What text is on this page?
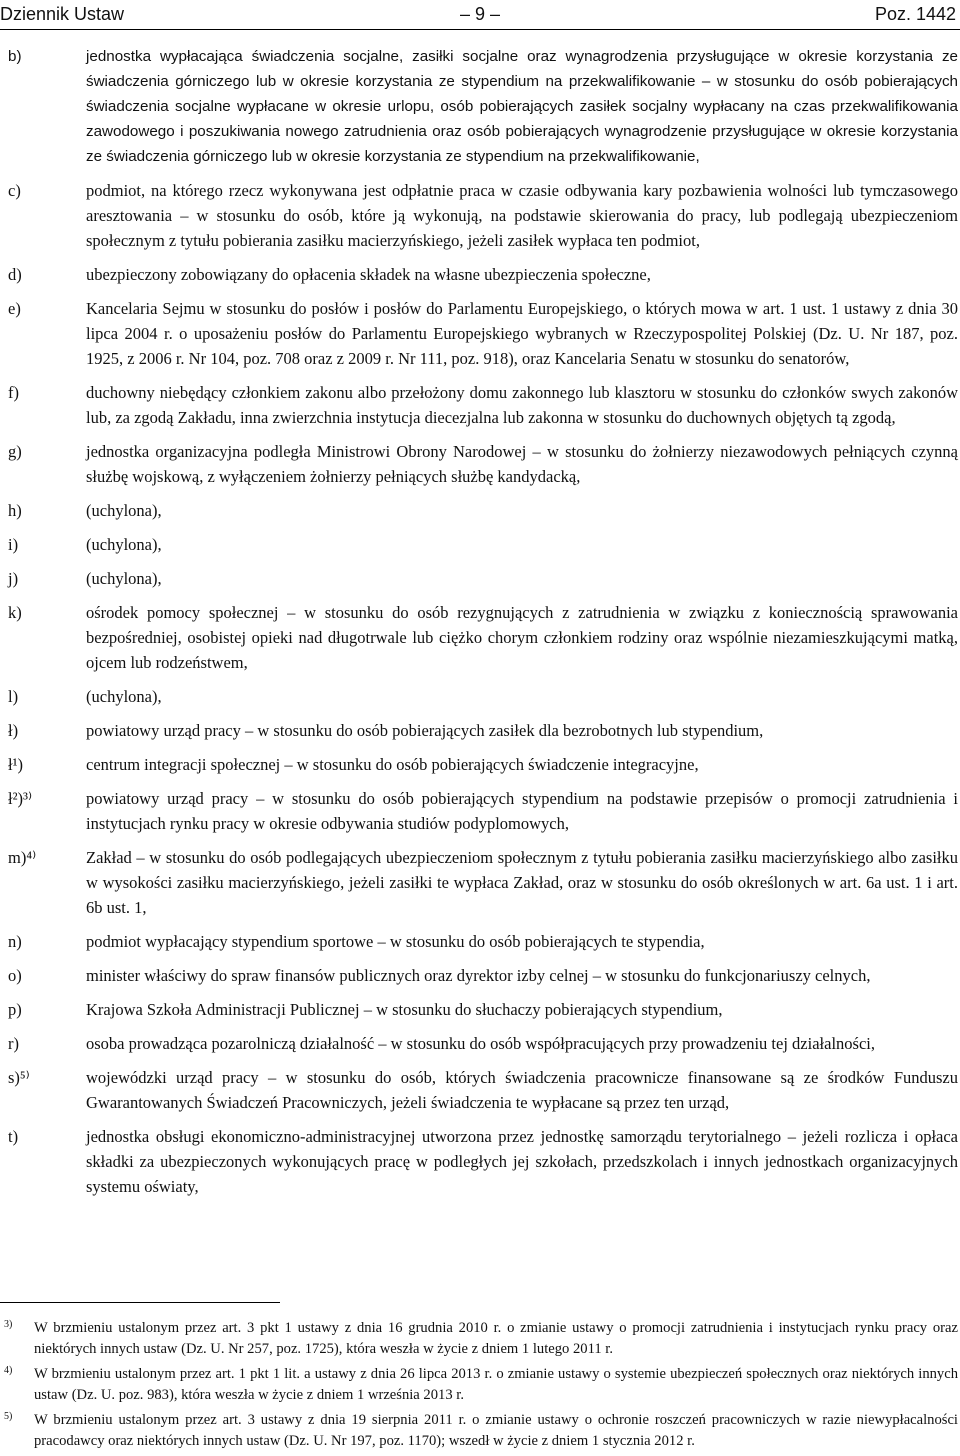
Dziennik Ustaw	– 9 –	Poz. 1442
b)	jednostka wypłacająca świadczenia socjalne, zasiłki socjalne oraz wynagrodzenia przysługujące w okresie korzystania ze świadczenia górniczego lub w okresie korzystania ze stypendium na przekwalifikowanie – w stosunku do osób pobierających świadczenia socjalne wypłacane w okresie urlopu, osób pobierających zasiłek socjalny wypłacany na czas przekwalifikowania zawodowego i poszukiwania nowego zatrudnienia oraz osób pobierających wynagrodzenie przysługujące w okresie korzystania ze świadczenia górniczego lub w okresie korzystania ze stypendium na przekwalifikowanie,
c)	podmiot, na którego rzecz wykonywana jest odpłatnie praca w czasie odbywania kary pozbawienia wolności lub tymczasowego aresztowania – w stosunku do osób, które ją wykonują, na podstawie skierowania do pracy, lub podlegają ubezpieczeniom społecznym z tytułu pobierania zasiłku macierzyńskiego, jeżeli zasiłek wypłaca ten podmiot,
d)	ubezpieczony zobowiązany do opłacenia składek na własne ubezpieczenia społeczne,
e)	Kancelaria Sejmu w stosunku do posłów i posłów do Parlamentu Europejskiego, o których mowa w art. 1 ust. 1 ustawy z dnia 30 lipca 2004 r. o uposażeniu posłów do Parlamentu Europejskiego wybranych w Rzeczypospolitej Polskiej (Dz. U. Nr 187, poz. 1925, z 2006 r. Nr 104, poz. 708 oraz z 2009 r. Nr 111, poz. 918), oraz Kancelaria Senatu w stosunku do senatorów,
f)	duchowny niebędący członkiem zakonu albo przełożony domu zakonnego lub klasztoru w stosunku do członków swych zakonów lub, za zgodą Zakładu, inna zwierzchnia instytucja diecezjalna lub zakonna w stosunku do duchownych objętych tą zgodą,
g)	jednostka organizacyjna podległa Ministrowi Obrony Narodowej – w stosunku do żołnierzy niezawodowych pełniących czynną służbę wojskową, z wyłączeniem żołnierzy pełniących służbę kandydacką,
h)	(uchylona),
i)	(uchylona),
j)	(uchylona),
k)	ośrodek pomocy społecznej – w stosunku do osób rezygnujących z zatrudnienia w związku z koniecznością sprawowania bezpośredniej, osobistej opieki nad długotrwale lub ciężko chorym członkiem rodziny oraz wspólnie niezamieszkującymi matką, ojcem lub rodzeństwem,
l)	(uchylona),
ł)	powiatowy urząd pracy – w stosunku do osób pobierających zasiłek dla bezrobotnych lub stypendium,
ł¹)	centrum integracji społecznej – w stosunku do osób pobierających świadczenie integracyjne,
ł²)³⁾	powiatowy urząd pracy – w stosunku do osób pobierających stypendium na podstawie przepisów o promocji zatrudnienia i instytucjach rynku pracy w okresie odbywania studiów podyplomowych,
m)⁴⁾	Zakład – w stosunku do osób podlegających ubezpieczeniom społecznym z tytułu pobierania zasiłku macierzyńskiego albo zasiłku w wysokości zasiłku macierzyńskiego, jeżeli zasiłki te wypłaca Zakład, oraz w stosunku do osób określonych w art. 6a ust. 1 i art. 6b ust. 1,
n)	podmiot wypłacający stypendium sportowe – w stosunku do osób pobierających te stypendia,
o)	minister właściwy do spraw finansów publicznych oraz dyrektor izby celnej – w stosunku do funkcjonariuszy celnych,
p)	Krajowa Szkoła Administracji Publicznej – w stosunku do słuchaczy pobierających stypendium,
r)	osoba prowadząca pozarolniczą działalność – w stosunku do osób współpracujących przy prowadzeniu tej działalności,
s)⁵⁾	wojewódzki urząd pracy – w stosunku do osób, których świadczenia pracownicze finansowane są ze środków Funduszu Gwarantowanych Świadczeń Pracowniczych, jeżeli świadczenia te wypłacane są przez ten urząd,
t)	jednostka obsługi ekonomiczno-administracyjnej utworzona przez jednostkę samorządu terytorialnego – jeżeli rozlicza i opłaca składki za ubezpieczonych wykonujących pracę w podległych jej szkołach, przedszkolach i innych jednostkach organizacyjnych systemu oświaty,
3) W brzmieniu ustalonym przez art. 3 pkt 1 ustawy z dnia 16 grudnia 2010 r. o zmianie ustawy o promocji zatrudnienia i instytucjach rynku pracy oraz niektórych innych ustaw (Dz. U. Nr 257, poz. 1725), która weszła w życie z dniem 1 lutego 2011 r.
4) W brzmieniu ustalonym przez art. 1 pkt 1 lit. a ustawy z dnia 26 lipca 2013 r. o zmianie ustawy o systemie ubezpieczeń społecznych oraz niektórych innych ustaw (Dz. U. poz. 983), która weszła w życie z dniem 1 września 2013 r.
5) W brzmieniu ustalonym przez art. 3 ustawy z dnia 19 sierpnia 2011 r. o zmianie ustawy o ochronie roszczeń pracowniczych w razie niewypłacalności pracodawcy oraz niektórych innych ustaw (Dz. U. Nr 197, poz. 1170); wszedł w życie z dniem 1 stycznia 2012 r.
